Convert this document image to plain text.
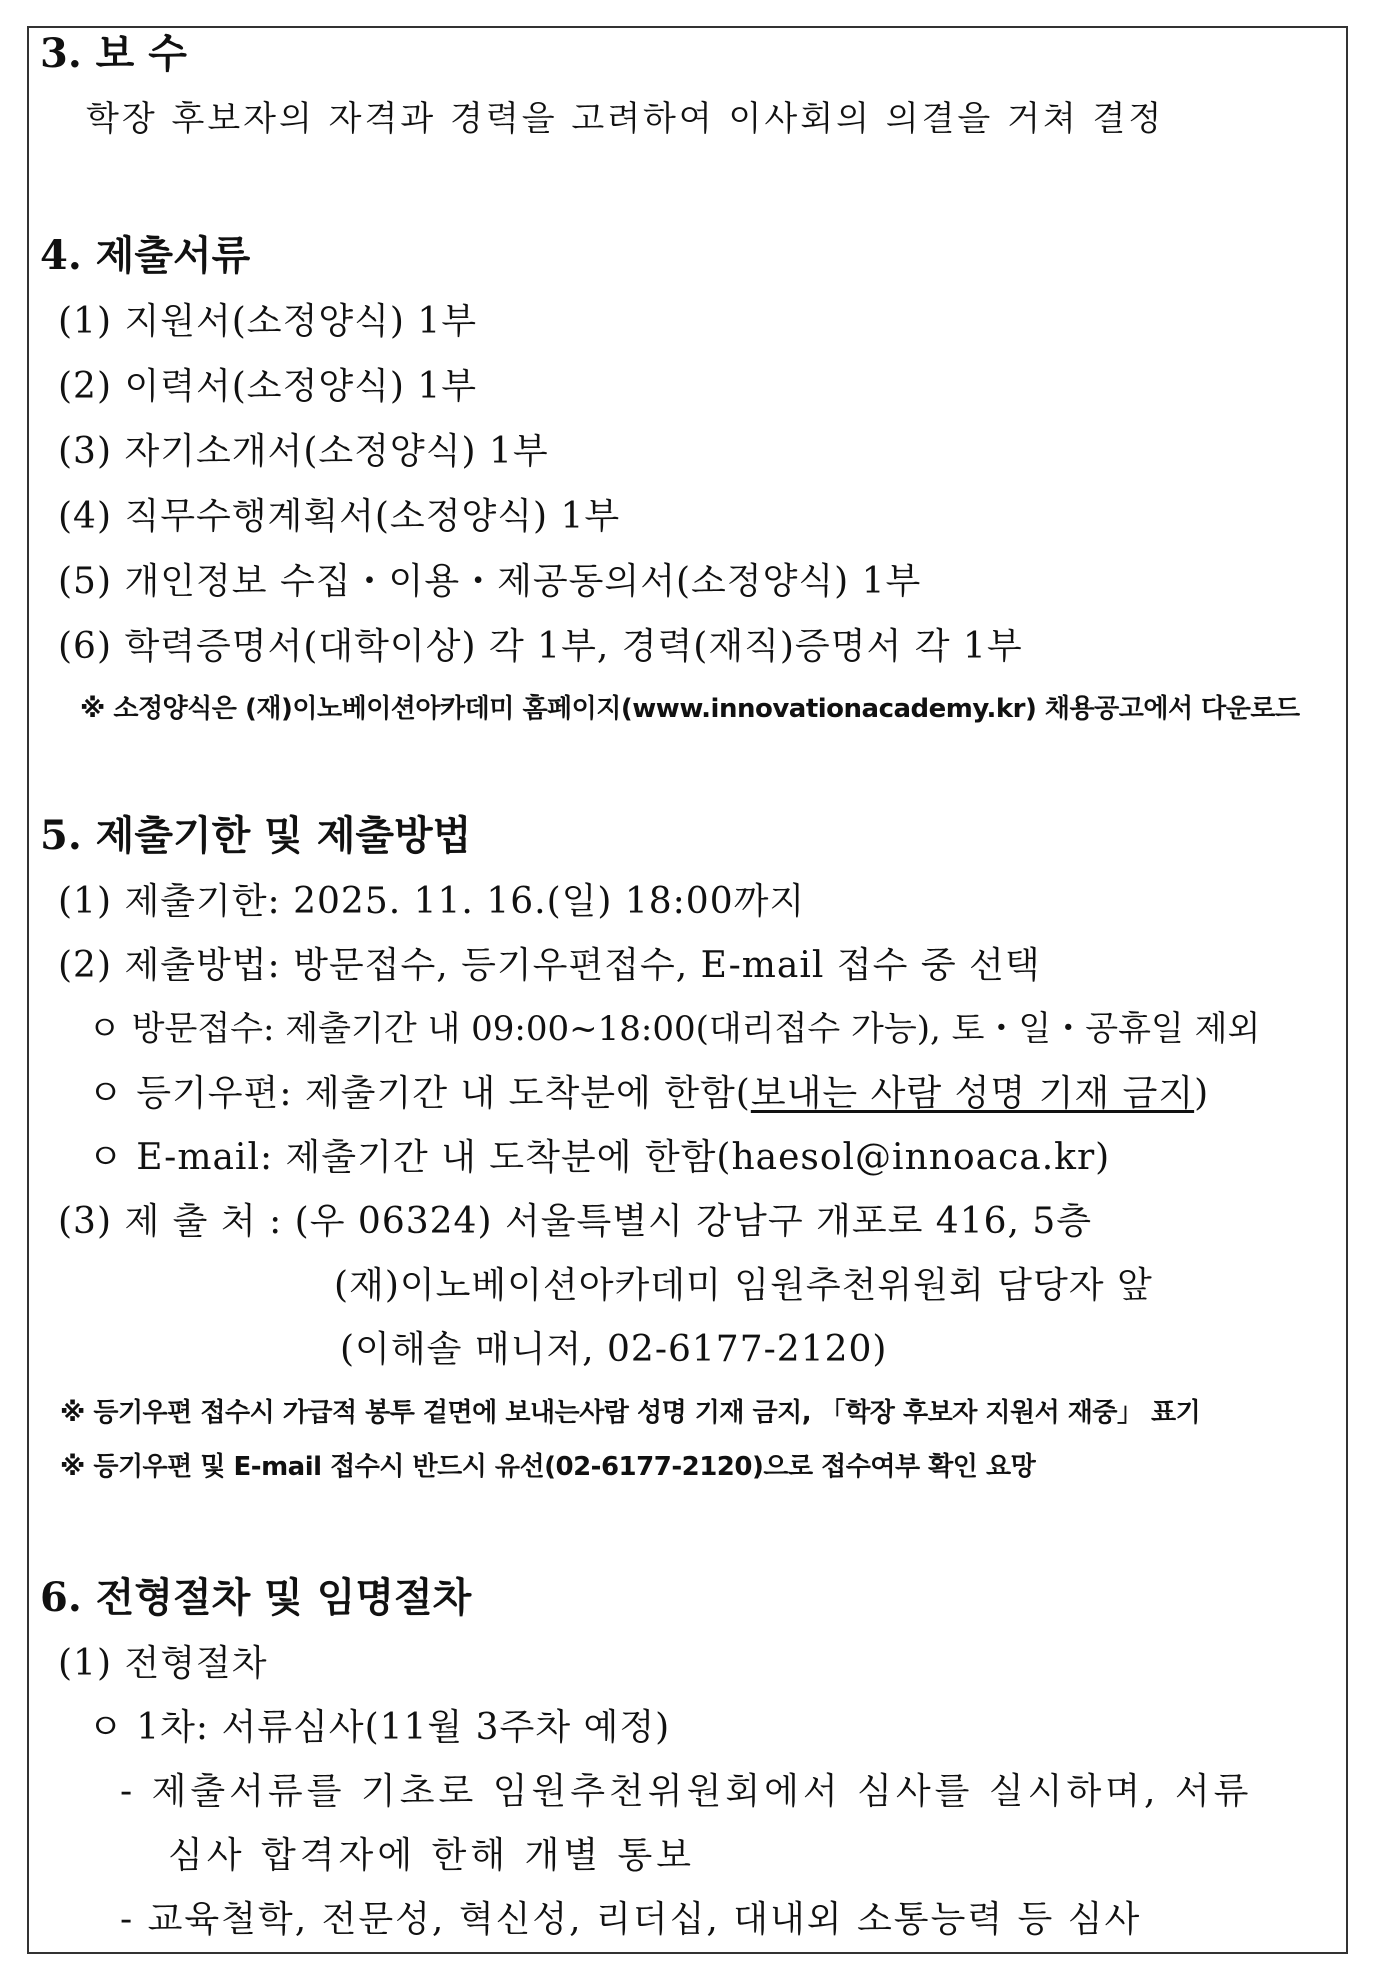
3. 보 수
학장 후보자의 자격과 경력을 고려하여 이사회의 의결을 거쳐 결정
4. 제출서류
(1) 지원서(소정양식) 1부
(2) 이력서(소정양식) 1부
(3) 자기소개서(소정양식) 1부
(4) 직무수행계획서(소정양식) 1부
(5) 개인정보 수집・이용・제공동의서(소정양식) 1부
(6) 학력증명서(대학이상) 각 1부, 경력(재직)증명서 각 1부
※ 소정양식은 (재)이노베이션아카데미 홈페이지(www.innovationacademy.kr) 채용공고에서 다운로드
5. 제출기한 및 제출방법
(1) 제출기한: 2025. 11. 16.(일) 18:00까지
(2) 제출방법: 방문접수, 등기우편접수, E-mail 접수 중 선택
ㅇ 방문접수: 제출기간 내 09:00~18:00(대리접수 가능), 토・일・공휴일 제외
ㅇ 등기우편: 제출기간 내 도착분에 한함(보내는 사람 성명 기재 금지)
ㅇ E-mail: 제출기간 내 도착분에 한함(haesol@innoaca.kr)
(3) 제 출 처 : (우 06324) 서울특별시 강남구 개포로 416, 5층
(재)이노베이션아카데미 임원추천위원회 담당자 앞
(이해솔 매니저, 02-6177-2120)
※ 등기우편 접수시 가급적 봉투 겉면에 보내는사람 성명 기재 금지, 「학장 후보자 지원서 재중」 표기
※ 등기우편 및 E-mail 접수시 반드시 유선(02-6177-2120)으로 접수여부 확인 요망
6. 전형절차 및 임명절차
(1) 전형절차
ㅇ 1차: 서류심사(11월 3주차 예정)
- 제출서류를 기초로 임원추천위원회에서 심사를 실시하며, 서류
심사 합격자에 한해 개별 통보
- 교육철학, 전문성, 혁신성, 리더십, 대내외 소통능력 등 심사
